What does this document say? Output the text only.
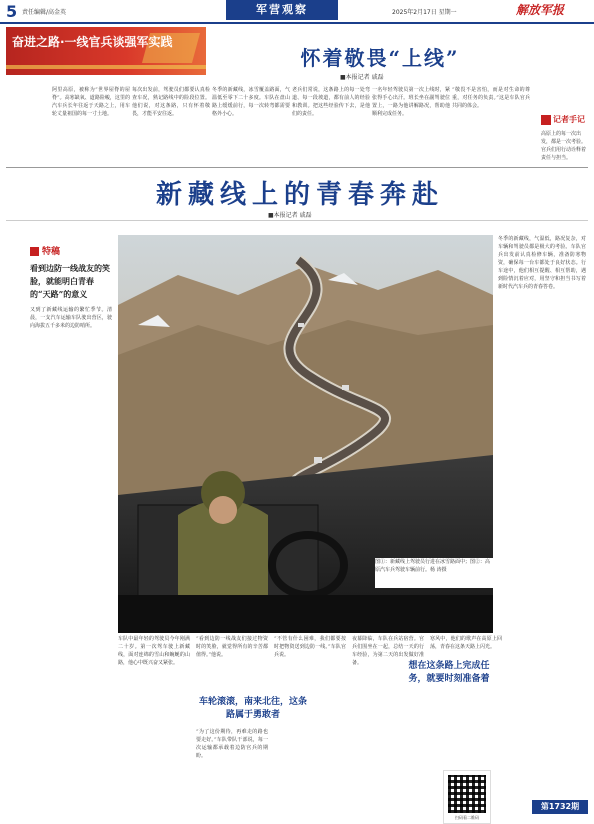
5 责任编辑/高金英	军营观察	2025年2月17日 星期一	解放军报
奋进之路·一线官兵谈强军实践
怀着敬畏“上线”
■本报记者 戚磊
阿里高原，被称为“世界屋脊的屋脊”。高寒缺氧、道路险峻，这里的汽车兵长年往返于天路之上，用车轮丈量祖国的每一寸土地。
每次出发前，驾驶员们都要认真检查车况，熟记路线中的险段位置。他们说，对这条路，只有怀着敬畏，才能平安往返。
冬季的新藏线，冰雪覆盖路面，气温低至零下二十多度。车队在盘山路上缓缓前行，每一次转弯都需要格外小心。
老兵们常说，这条路上的每一处弯道、每一段坡道，都有前人的经验和教训。把这些经验传下去，是他们的责任。
一名年轻驾驶员第一次上线时，紧张得手心出汗。班长坐在副驾驶位置上，一路为他讲解路况，帮助他顺利完成任务。
“敬畏不是害怕，而是对生命的尊重，对任务的负责。”这是车队官兵共同的体会。
记者手记
高原上的每一次出发，都是一次考验。官兵们用行动诠释着责任与担当。
新藏线上的青春奔赴
■本报记者 戚磊
特稿
看到边防一线战友的笑脸，就能明白青春的“天路”的意义
又到了新藏线运输的繁忙季节。清晨，一支汽车运输车队驶出营区，驶向海拔五千多米的边防哨所。
车队中最年轻的驾驶员今年刚满二十岁。第一次驾车驶上新藏线，面对连绵的雪山和蜿蜒的山路，他心中既兴奋又紧张。
“看到边防一线战友们接过物资时的笑脸，就觉得所有的辛苦都值得。”他说。
车轮滚滚，南来北往，这条路属于勇敢者
“为了这份期待，再难走的路也要走好。”车队带队干部说，每一次运输都承载着边防官兵的期盼。
“不管有什么困难，我们都要按时把物资送到边防一线。”车队官兵说。
夜幕降临，车队在兵站宿营。官兵们围坐在一起，总结一天的行车经验，为第二天的出发做好准备。
寒风中，他们的歌声在高原上回荡，青春在这条天路上闪光。
扫码看二维码
图①：新藏线上驾驶员行进在冰雪路面中；图②：高原汽车兵驾驶车辆前行。杨 涛摄
冬季的新藏线，气温低，路况复杂，对车辆和驾驶员都是极大的考验。车队官兵出发前认真检修车辆，准备防寒物资，确保每一台车都处于良好状态。行车途中，他们相互提醒、相互帮助，遇到险情沉着应对，用坚守和担当书写着新时代汽车兵的青春答卷。
想在这条路上完成任务，就要时刻准备着
第1732期
